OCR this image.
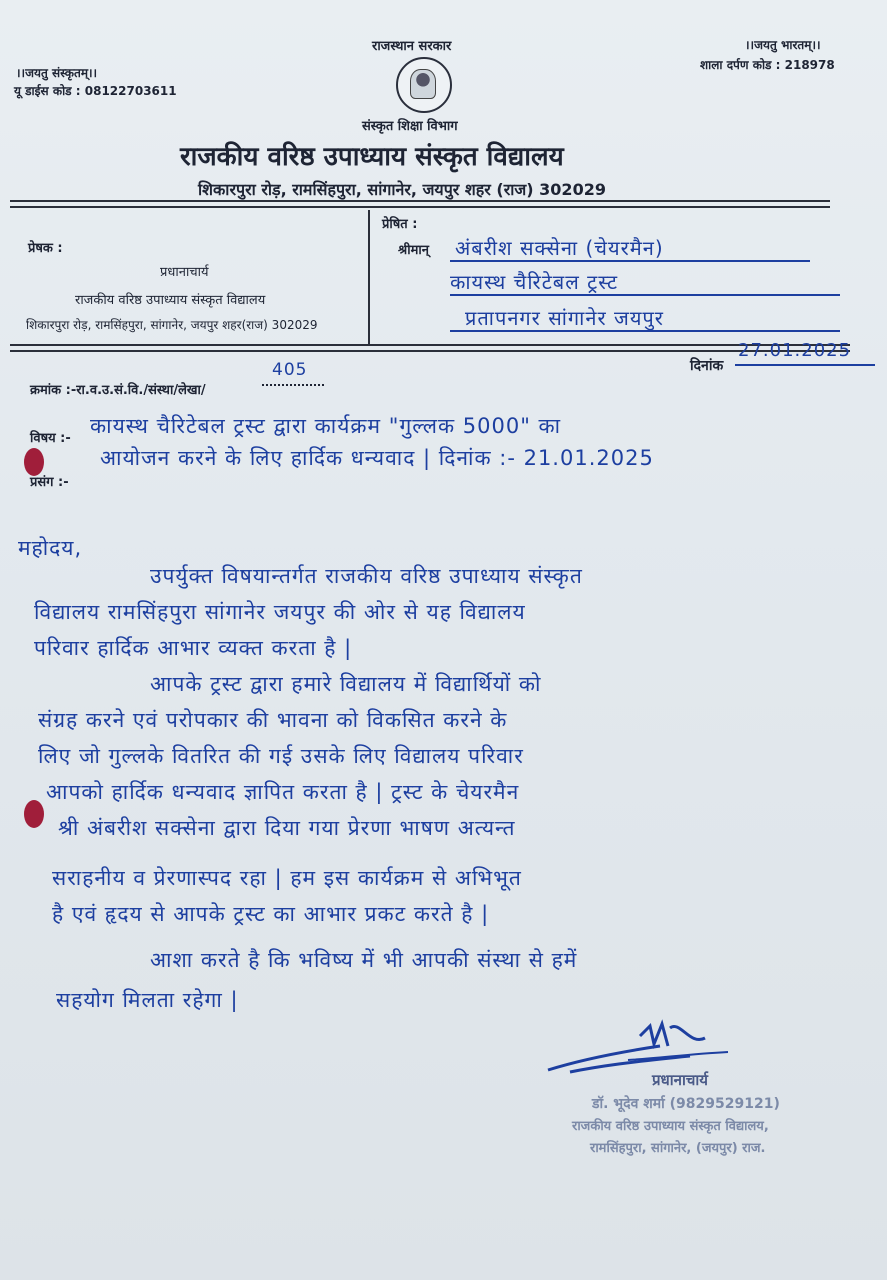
राजस्थान सरकार
।।जयतु संस्कृतम्।।
यू डाईस कोड : 08122703611
।।जयतु भारतम्।।
शाला दर्पण कोड : 218978
संस्कृत शिक्षा विभाग
राजकीय वरिष्ठ उपाध्याय संस्कृत विद्यालय
शिकारपुरा रोड़, रामसिंहपुरा, सांगानेर, जयपुर शहर (राज) 302029
प्रेषक :
प्रधानाचार्य
राजकीय वरिष्ठ उपाध्याय संस्कृत विद्यालय
शिकारपुरा रोड़, रामसिंहपुरा, सांगानेर, जयपुर शहर(राज) 302029
प्रेषित :
श्रीमान् अंबरीश सक्सेना (चेयरमैन)
कायस्थ चैरिटेबल ट्रस्ट
प्रतापनगर सांगानेर जयपुर
दिनांक
27.01.2025
क्रमांक :-रा.व.उ.सं.वि./संस्था/लेखा/
405
विषय :-
कायस्थ चैरिटेबल ट्रस्ट द्वारा कार्यक्रम "गुल्लक 5000" का
आयोजन करने के लिए हार्दिक धन्यवाद | दिनांक :- 21.01.2025
प्रसंग :-
महोदय,
उपर्युक्त विषयान्तर्गत राजकीय वरिष्ठ उपाध्याय संस्कृत
विद्यालय रामसिंहपुरा सांगानेर जयपुर की ओर से यह विद्यालय
परिवार हार्दिक आभार व्यक्त करता है |
आपके ट्रस्ट द्वारा हमारे विद्यालय में विद्यार्थियों को
संग्रह करने एवं परोपकार की भावना को विकसित करने के
लिए जो गुल्लके वितरित की गई उसके लिए विद्यालय परिवार
आपको हार्दिक धन्यवाद ज्ञापित करता है | ट्रस्ट के चेयरमैन
श्री अंबरीश सक्सेना द्वारा दिया गया प्रेरणा भाषण अत्यन्त
सराहनीय व प्रेरणास्पद रहा | हम इस कार्यक्रम से अभिभूत
है एवं हृदय से आपके ट्रस्ट का आभार प्रकट करते है |
आशा करते है कि भविष्य में भी आपकी संस्था से हमें
सहयोग मिलता रहेगा |
प्रधानाचार्य
डॉ. भूदेव शर्मा (9829529121)
राजकीय वरिष्ठ उपाध्याय संस्कृत विद्यालय,
रामसिंहपुरा, सांगानेर, (जयपुर) राज.
